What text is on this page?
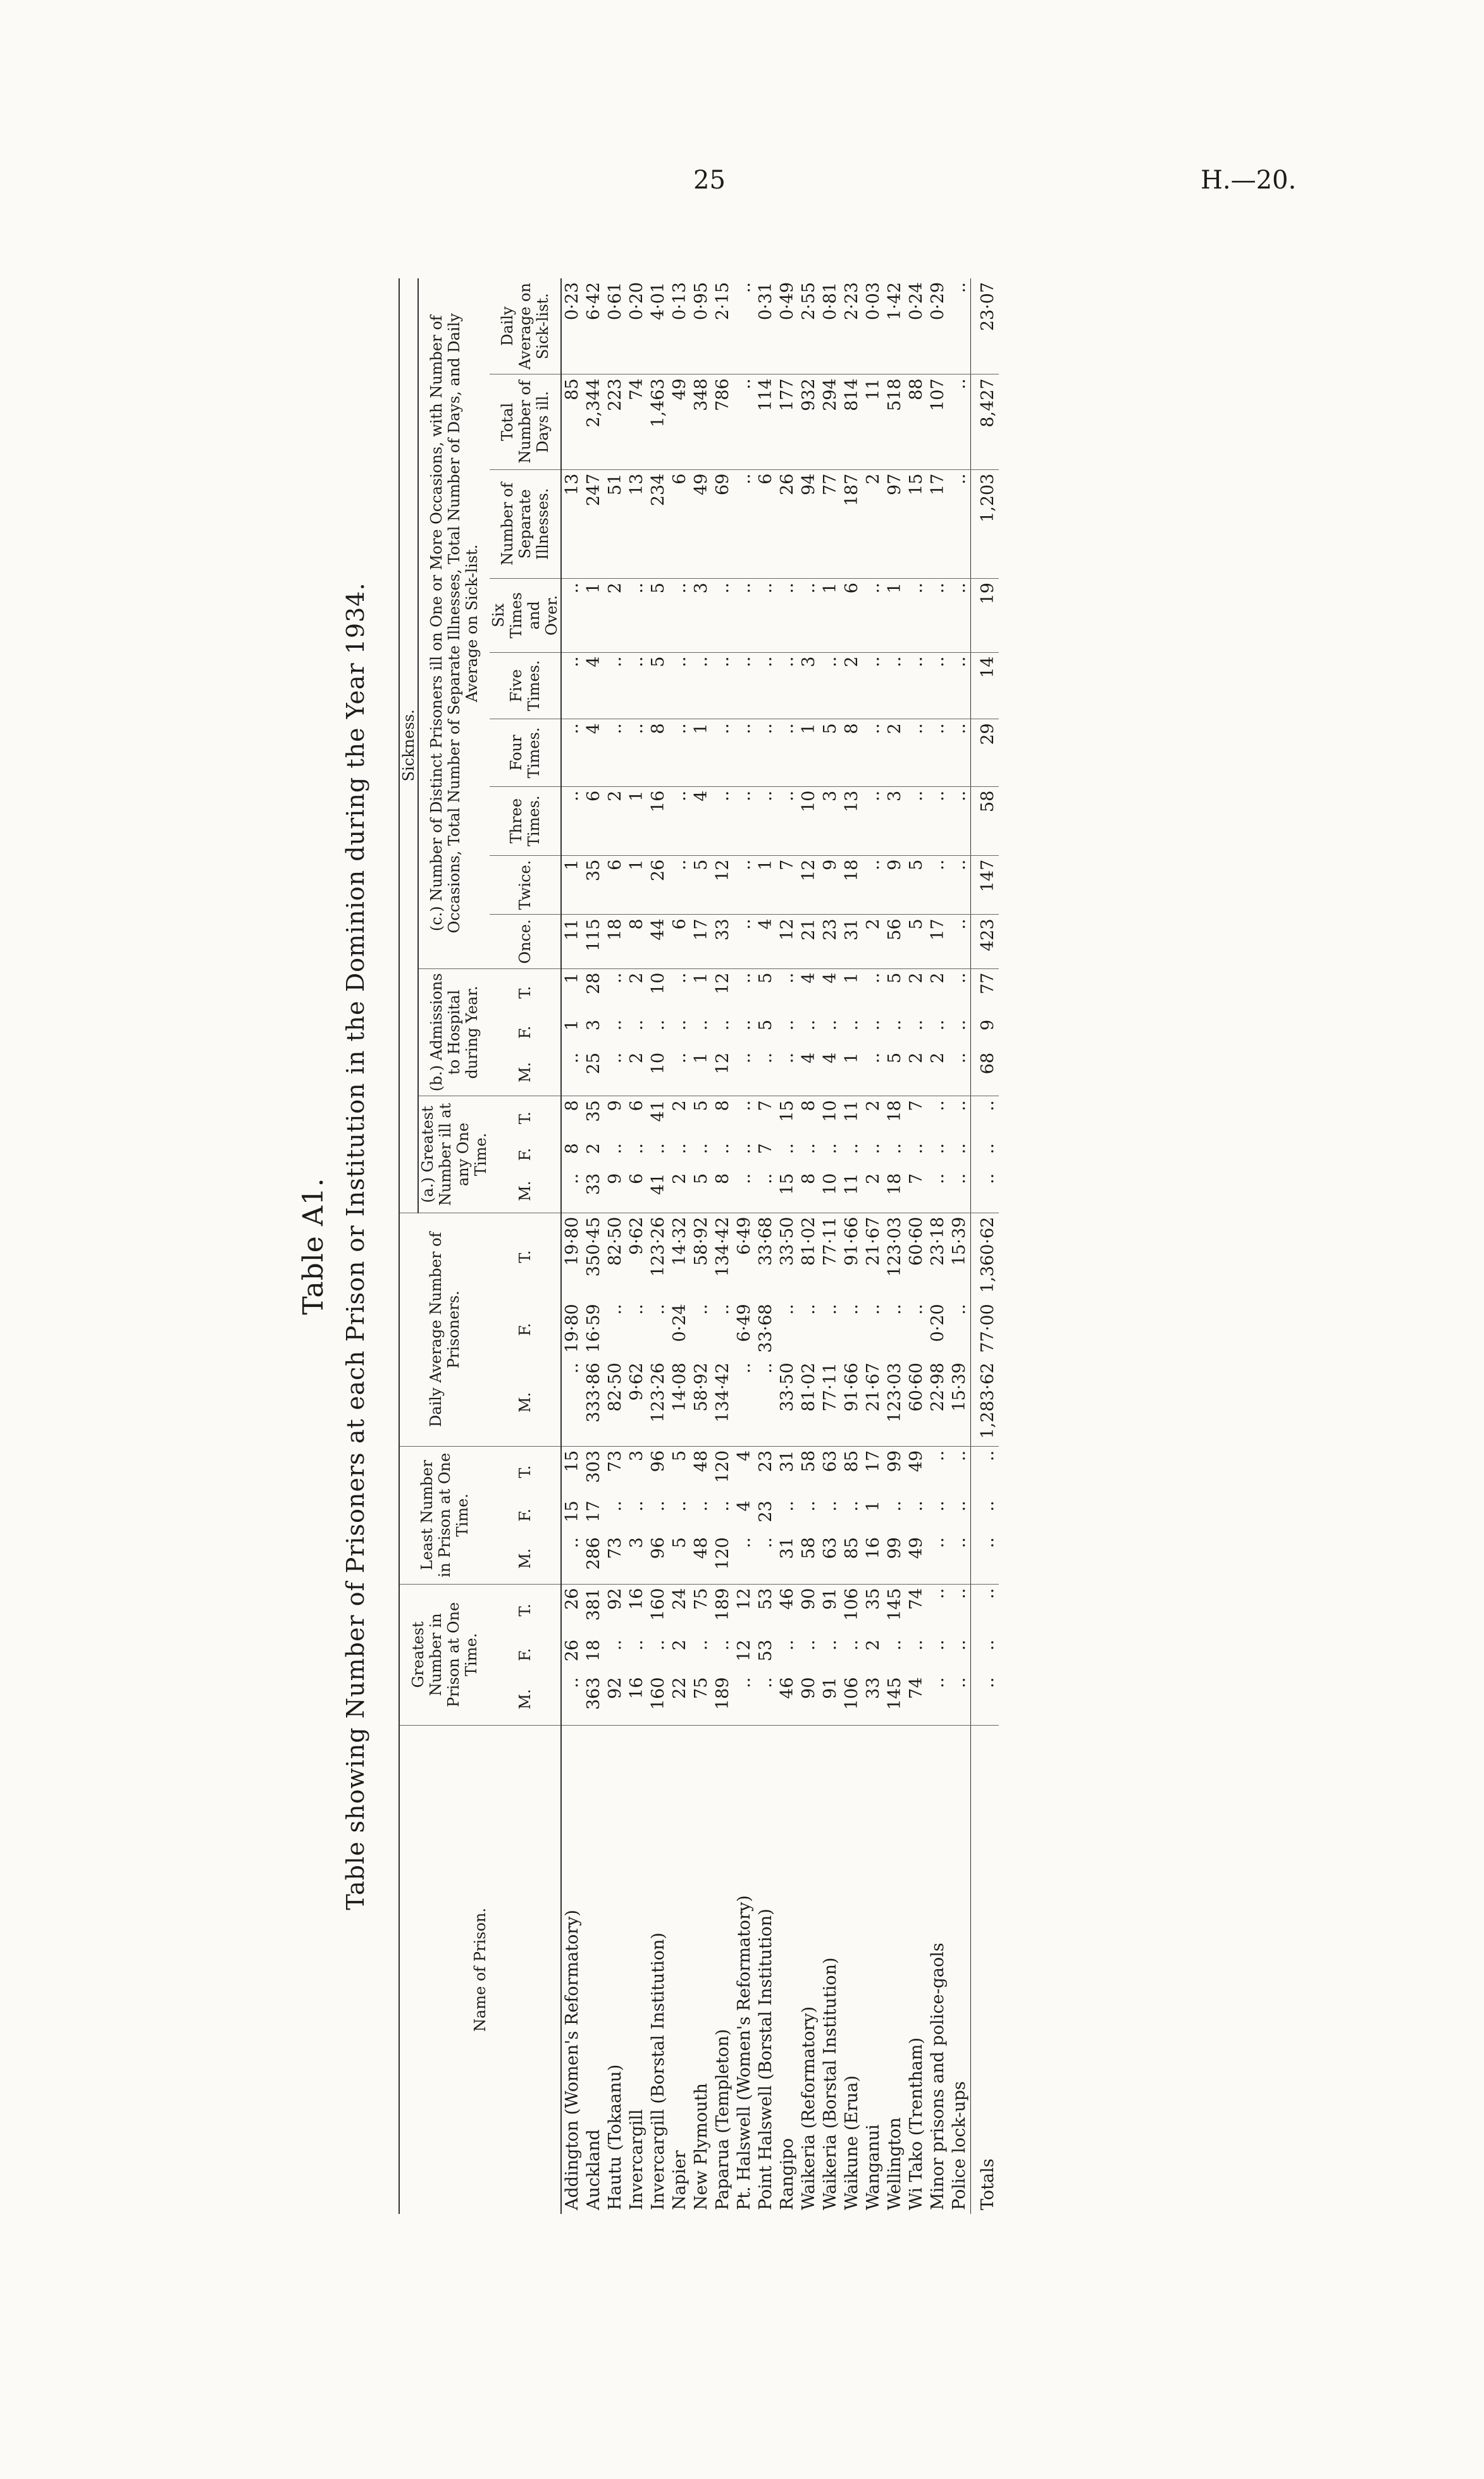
25	H.—20.
Table A1. Table showing Number of Prisoners at each Prison or Institution in the Dominion during the Year 1934.
Name of Prison.	Greatest Number in Prison at One Time.			Least Number in Prison at One Time.			Daily Average Number of Prisoners.			Sickness.														
										(a.) Greatest Number ill at any One Time.			(b.) Admissions to Hospital during Year.			(c.) Number of Distinct Prisoners ill on One or More Occasions, with Number of Occasions, Total Number of Separate Illnesses, Total Number of Days, and Daily Average on Sick-list.								
	M.	F.	T.	M.	F.	T.	M.	F.	T.	M.	F.	T.	M.	F.	T.	Once.	Twice.	Three Times.	Four Times.	Five Times.	Six Times and Over.	Number of Separate Illnesses.	Total Number of Days ill.	Daily Average on Sick-list.
Addington (Women's Reformatory)	..	26	26	..	15	15	..	19·80	19·80	..	8	8	..	1	1	11	1	..	..	..	..	13	85	0·23
Auckland	363	18	381	286	17	303	333·86	16·59	350·45	33	2	35	25	3	28	115	35	6	4	4	1	247	2,344	6·42
Hautu (Tokaanu)	92	..	92	73	..	73	82·50	..	82·50	9	..	9	..	..	..	18	6	2	..	..	2	51	223	0·61
Invercargill	16	..	16	3	..	3	9·62	..	9·62	6	..	6	2	..	2	8	1	1	..	..	..	13	74	0·20
Invercargill (Borstal Institution)	160	..	160	96	..	96	123·26	..	123·26	41	..	41	10	..	10	44	26	16	8	5	5	234	1,463	4·01
Napier	22	2	24	5	..	5	14·08	0·24	14·32	2	..	2	..	..	..	6	..	..	..	..	..	6	49	0·13
New Plymouth	75	..	75	48	..	48	58·92	..	58·92	5	..	5	1	..	1	17	5	4	1	..	3	49	348	0·95
Paparua (Templeton)	189	..	189	120	..	120	134·42	..	134·42	8	..	8	12	..	12	33	12	..	..	..	..	69	786	2·15
Pt. Halswell (Women's Reformatory)	..	12	12	..	4	4	..	6·49	6·49	..	..	..	..	..	..	..	..	..	..	..	..	..	..	..
Point Halswell (Borstal Institution)	..	53	53	..	23	23	..	33·68	33·68	..	7	7	..	5	5	4	1	..	..	..	..	6	114	0·31
Rangipo	46	..	46	31	..	31	33·50	..	33·50	15	..	15	..	..	..	12	7	..	..	..	..	26	177	0·49
Waikeria (Reformatory)	90	..	90	58	..	58	81·02	..	81·02	8	..	8	4	..	4	21	12	10	1	3	..	94	932	2·55
Waikeria (Borstal Institution)	91	..	91	63	..	63	77·11	..	77·11	10	..	10	4	..	4	23	9	3	5	..	1	77	294	0·81
Waikune (Erua)	106	..	106	85	..	85	91·66	..	91·66	11	..	11	1	..	1	31	18	13	8	2	6	187	814	2·23
Wanganui	33	2	35	16	1	17	21·67	..	21·67	2	..	2	..	..	..	2	..	..	..	..	..	2	11	0·03
Wellington	145	..	145	99	..	99	123·03	..	123·03	18	..	18	5	..	5	56	9	3	2	..	1	97	518	1·42
Wi Tako (Trentham)	74	..	74	49	..	49	60·60	..	60·60	7	..	7	2	..	2	5	5	..	..	..	..	15	88	0·24
Minor prisons and police-gaols	..	..	..	..	..	..	22·98	0·20	23·18	..	..	..	2	..	2	17	..	..	..	..	..	17	107	0·29
Police lock-ups	..	..	..	..	..	..	15·39	..	15·39	..	..	..	..	..	..	..	..	..	..	..	..	..	..	..
Totals	..	..	..	..	..	..	1,283·62	77·00	1,360·62	..	..	..	68	9	77	423	147	58	29	14	19	1,203	8,427	23·07
